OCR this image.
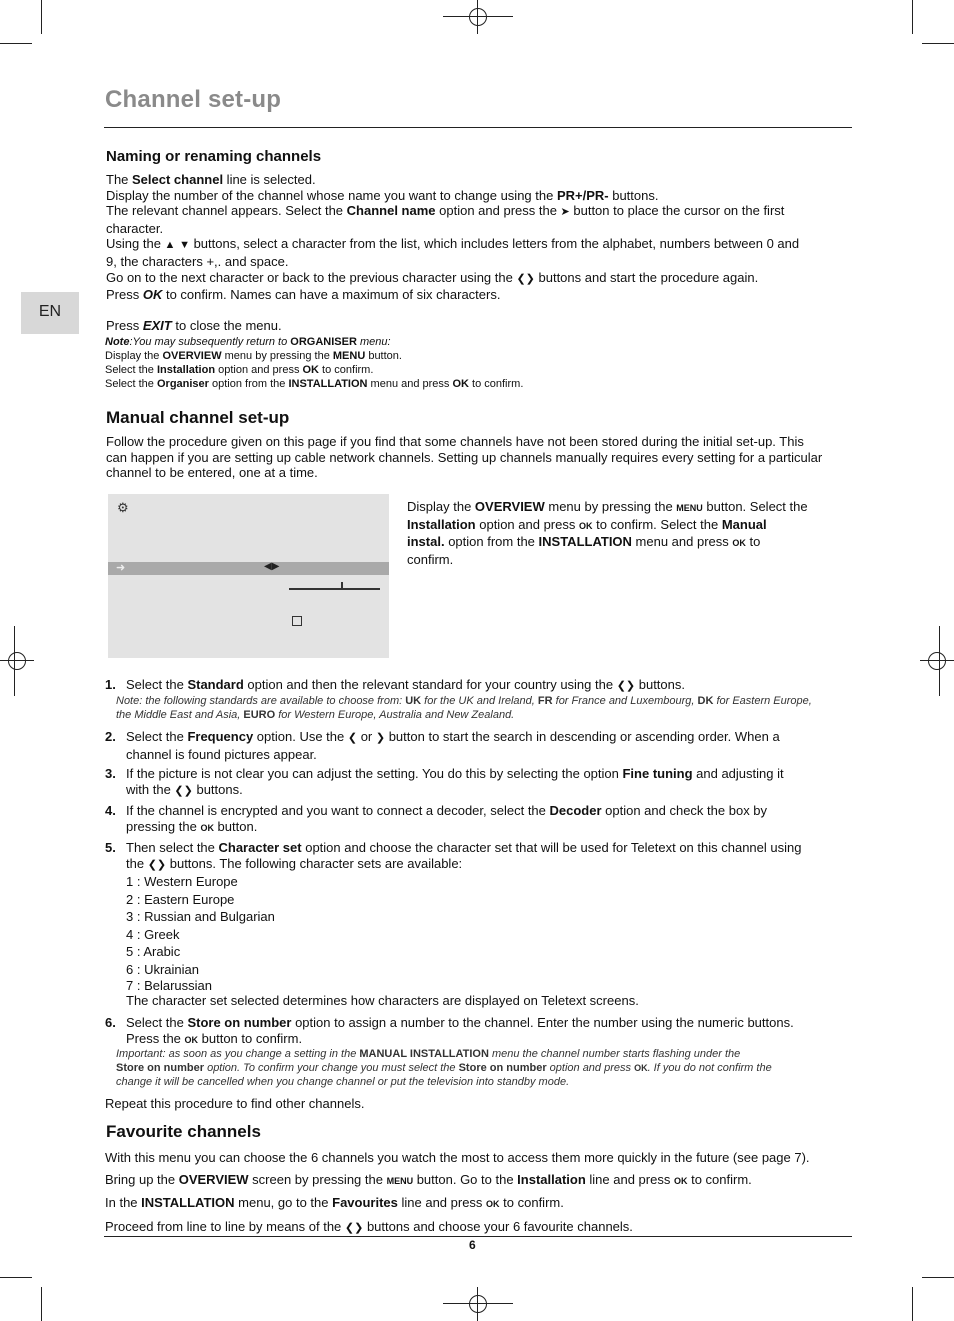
Channel set-up
EN
Naming or renaming channels
The Select channel line is selected.
Display the number of the channel whose name you want to change using the PR+/PR- buttons.
The relevant channel appears. Select the Channel name option and press the ➤ button to place the cursor on the first
character.
Using the ▲ ▼ buttons, select a character from the list, which includes letters from the alphabet, numbers between 0 and
9, the characters +,. and space.
Go on to the next character or back to the previous character using the ❮❯ buttons and start the procedure again.
Press OK to confirm. Names can have a maximum of six characters.
Press EXIT to close the menu.
Note:You may subsequently return to ORGANISER menu:
Display the OVERVIEW menu by pressing the MENU button.
Select the Installation option and press OK to confirm.
Select the Organiser option from the INSTALLATION menu and press OK to confirm.
Manual channel set-up
Follow the procedure given on this page if you find that some channels have not been stored during the initial set-up. This
can happen if you are setting up cable network channels. Setting up channels manually requires every setting for a particular
channel to be entered, one at a time.
⚙
➜	◀▶
Display the OVERVIEW menu by pressing the MENU button. Select the
Installation option and press OK to confirm. Select the Manual
instal. option from the INSTALLATION menu and press OK to
confirm.
1. Select the Standard option and then the relevant standard for your country using the ❮❯ buttons.
Note: the following standards are available to choose from: UK for the UK and Ireland, FR for France and Luxembourg, DK for Eastern Europe,
the Middle East and Asia, EURO for Western Europe, Australia and New Zealand.
2. Select the Frequency option. Use the ❮ or ❯ button to start the search in descending or ascending order. When a
channel is found pictures appear.
3. If the picture is not clear you can adjust the setting. You do this by selecting the option Fine tuning and adjusting it
with the ❮❯ buttons.
4. If the channel is encrypted and you want to connect a decoder, select the Decoder option and check the box by
pressing the OK button.
5. Then select the Character set option and choose the character set that will be used for Teletext on this channel using
the ❮❯ buttons. The following character sets are available:
1 : Western Europe
2 : Eastern Europe
3 : Russian and Bulgarian
4 : Greek
5 : Arabic
6 : Ukrainian
7 : Belarussian
The character set selected determines how characters are displayed on Teletext screens.
6. Select the Store on number option to assign a number to the channel. Enter the number using the numeric buttons.
Press the OK button to confirm.
Important: as soon as you change a setting in the MANUAL INSTALLATION menu the channel number starts flashing under the
Store on number option. To confirm your change you must select the Store on number option and press OK. If you do not confirm the
change it will be cancelled when you change channel or put the television into standby mode.
Repeat this procedure to find other channels.
Favourite channels
With this menu you can choose the 6 channels you watch the most to access them more quickly in the future (see page 7).
Bring up the OVERVIEW screen by pressing the MENU button. Go to the Installation line and press OK to confirm.
In the INSTALLATION menu, go to the Favourites line and press OK to confirm.
Proceed from line to line by means of the ❮❯ buttons and choose your 6 favourite channels.
6
